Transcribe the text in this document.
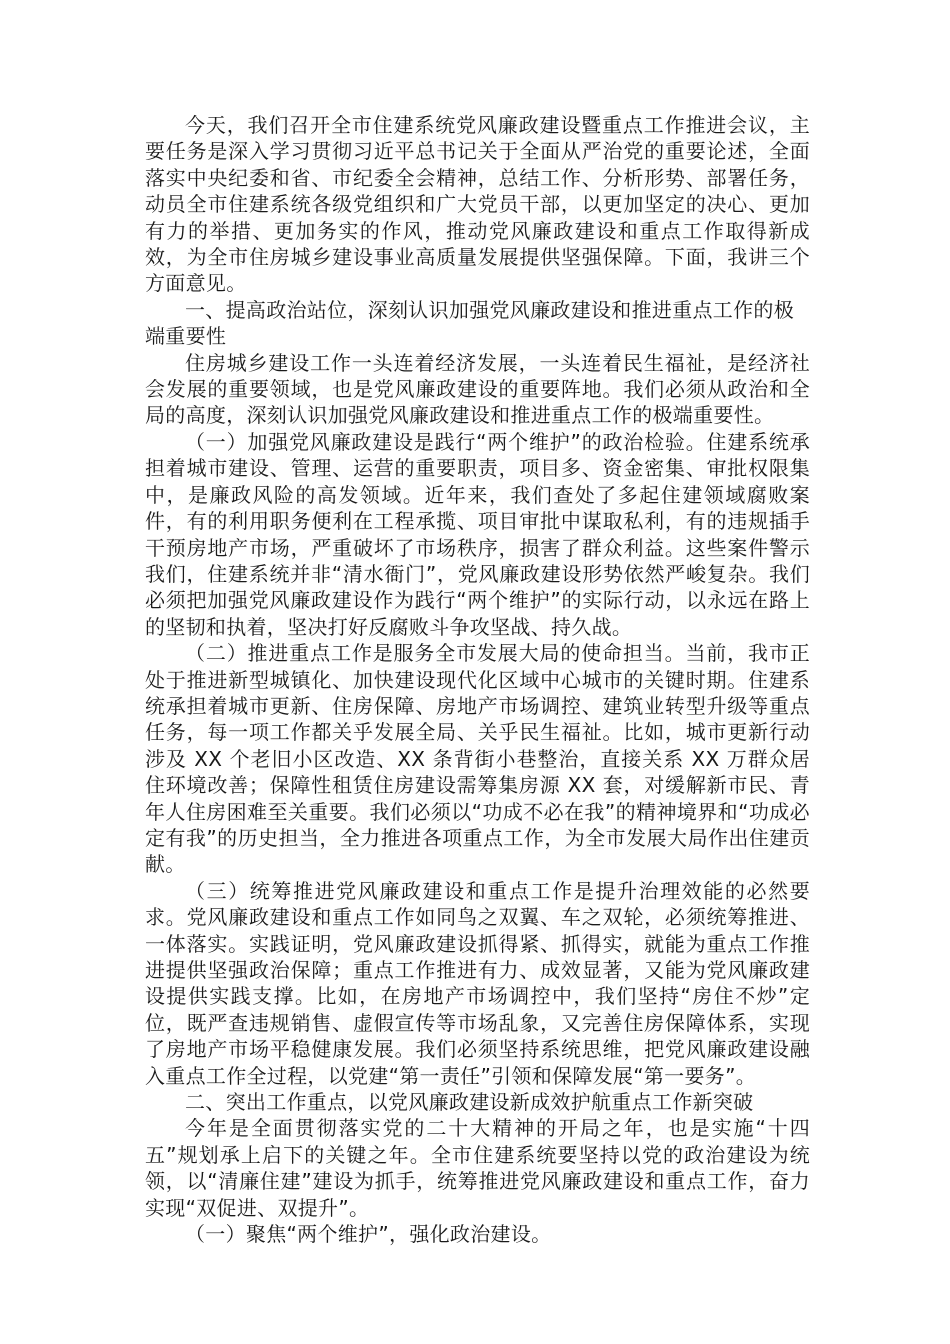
今天，我们召开全市住建系统党风廉政建设暨重点工作推进会议，主要任务是深入学习贯彻习近平总书记关于全面从严治党的重要论述，全面落实中央纪委和省、市纪委全会精神，总结工作、分析形势、部署任务，动员全市住建系统各级党组织和广大党员干部，以更加坚定的决心、更加有力的举措、更加务实的作风，推动党风廉政建设和重点工作取得新成效，为全市住房城乡建设事业高质量发展提供坚强保障。下面，我讲三个方面意见。

一、提高政治站位，深刻认识加强党风廉政建设和推进重点工作的极端重要性

住房城乡建设工作一头连着经济发展，一头连着民生福祉，是经济社会发展的重要领域，也是党风廉政建设的重要阵地。我们必须从政治和全局的高度，深刻认识加强党风廉政建设和推进重点工作的极端重要性。

（一）加强党风廉政建设是践行“两个维护”的政治检验。住建系统承担着城市建设、管理、运营的重要职责，项目多、资金密集、审批权限集中，是廉政风险的高发领域。近年来，我们查处了多起住建领域腐败案件，有的利用职务便利在工程承揽、项目审批中谋取私利，有的违规插手干预房地产市场，严重破坏了市场秩序，损害了群众利益。这些案件警示我们，住建系统并非“清水衙门”，党风廉政建设形势依然严峻复杂。我们必须把加强党风廉政建设作为践行“两个维护”的实际行动，以永远在路上的坚韧和执着，坚决打好反腐败斗争攻坚战、持久战。

（二）推进重点工作是服务全市发展大局的使命担当。当前，我市正处于推进新型城镇化、加快建设现代化区域中心城市的关键时期。住建系统承担着城市更新、住房保障、房地产市场调控、建筑业转型升级等重点任务，每一项工作都关乎发展全局、关乎民生福祉。比如，城市更新行动涉及 XX 个老旧小区改造、XX 条背街小巷整治，直接关系 XX 万群众居住环境改善；保障性租赁住房建设需筹集房源 XX 套，对缓解新市民、青年人住房困难至关重要。我们必须以“功成不必在我”的精神境界和“功成必定有我”的历史担当，全力推进各项重点工作，为全市发展大局作出住建贡献。

（三）统筹推进党风廉政建设和重点工作是提升治理效能的必然要求。党风廉政建设和重点工作如同鸟之双翼、车之双轮，必须统筹推进、一体落实。实践证明，党风廉政建设抓得紧、抓得实，就能为重点工作推进提供坚强政治保障；重点工作推进有力、成效显著，又能为党风廉政建设提供实践支撑。比如，在房地产市场调控中，我们坚持“房住不炒”定位，既严查违规销售、虚假宣传等市场乱象，又完善住房保障体系，实现了房地产市场平稳健康发展。我们必须坚持系统思维，把党风廉政建设融入重点工作全过程，以党建“第一责任”引领和保障发展“第一要务”。

二、突出工作重点，以党风廉政建设新成效护航重点工作新突破

今年是全面贯彻落实党的二十大精神的开局之年，也是实施“十四五”规划承上启下的关键之年。全市住建系统要坚持以党的政治建设为统领，以“清廉住建”建设为抓手，统筹推进党风廉政建设和重点工作，奋力实现“双促进、双提升”。

（一）聚焦“两个维护”，强化政治建设。
